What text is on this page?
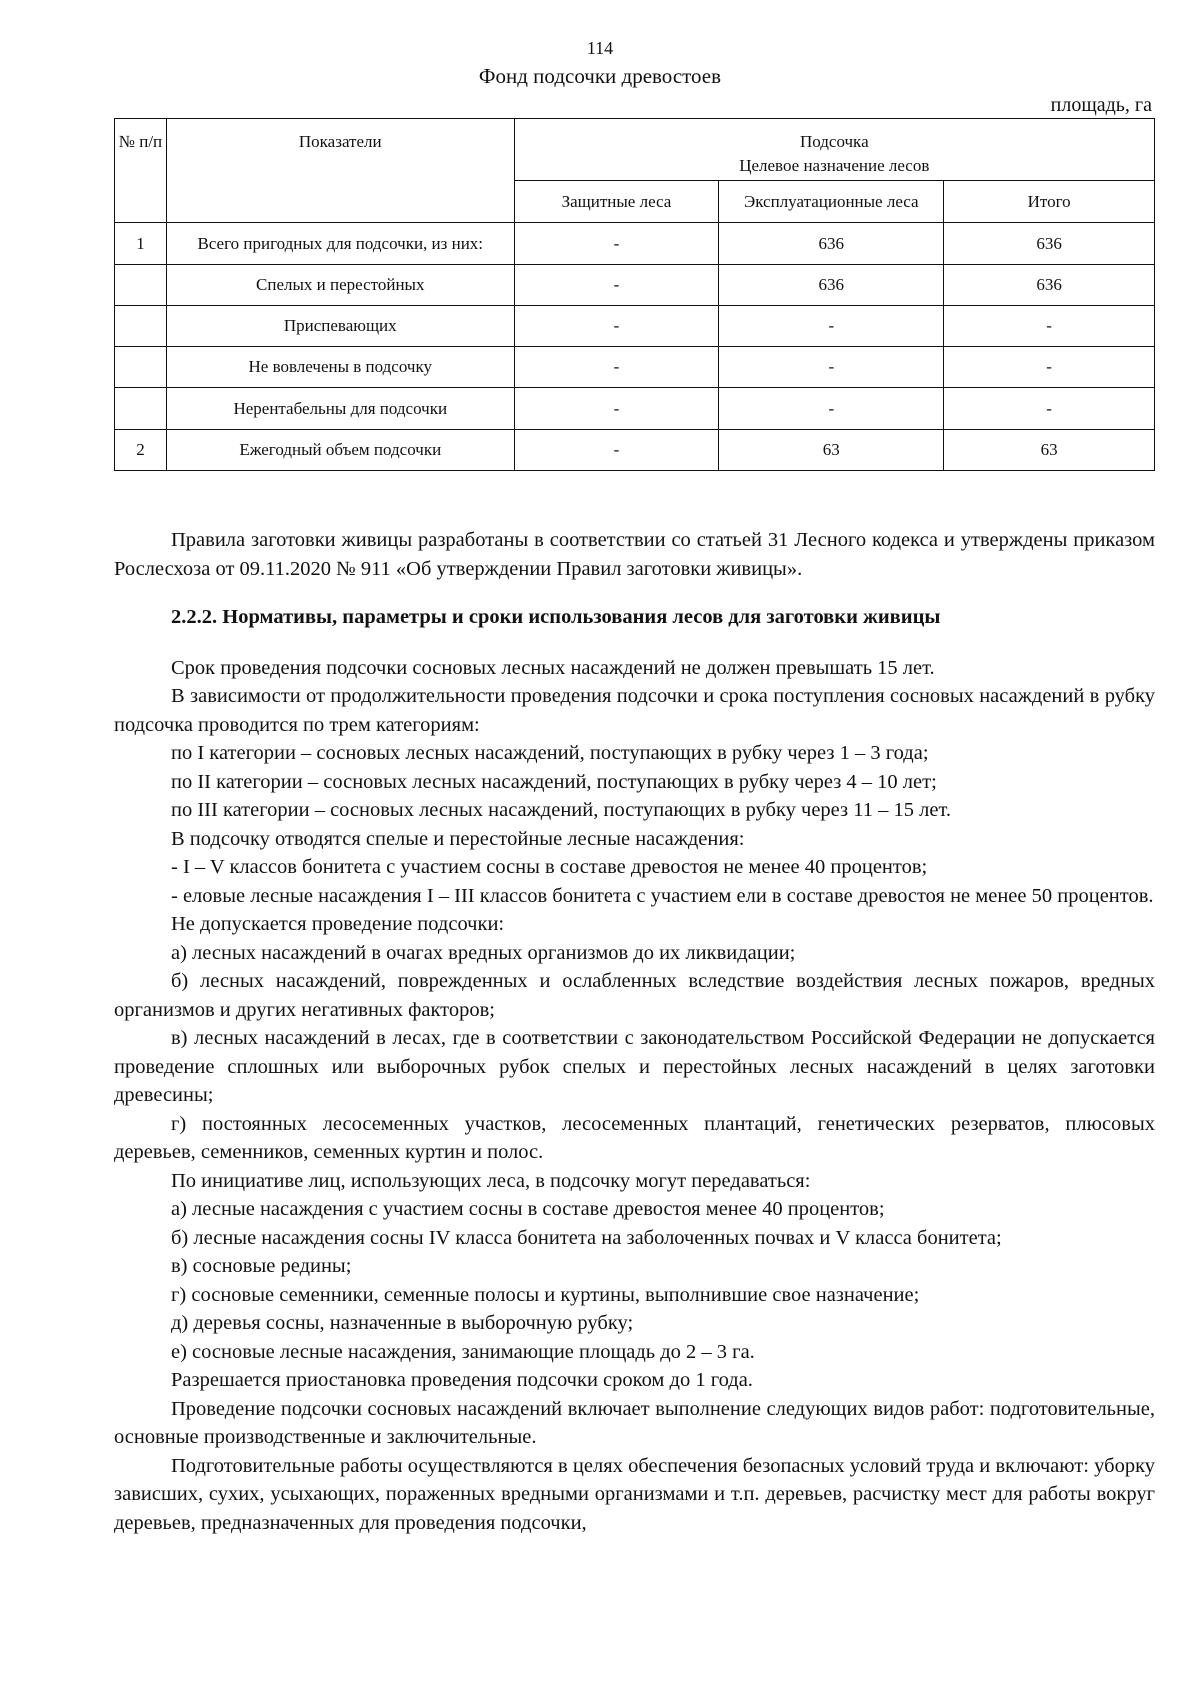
114
Фонд подсочки древостоев
площадь, га
№ п/п	Показатели	Подсочка
Целевое назначение лесов		

		Защитные леса	Эксплуатационные леса	Итого
1	Всего пригодных для подсочки, из них:	-	636	636
	Спелых и перестойных	-	636	636
	Приспевающих	-	-	-
	Не вовлечены в подсочку	-	-	-
	Нерентабельны для подсочки	-	-	-
2	Ежегодный объем подсочки	-	63	63

Правила заготовки живицы разработаны в соответствии со статьей 31 Лесного кодекса и утверждены приказом Рослесхоза от 09.11.2020 № 911 «Об утверждении Правил заготовки живицы».

2.2.2. Нормативы, параметры и сроки использования лесов для заготовки живицы

Срок проведения подсочки сосновых лесных насаждений не должен превышать 15 лет.

В зависимости от продолжительности проведения подсочки и срока поступления сосновых насаждений в рубку подсочка проводится по трем категориям:

по I категории – сосновых лесных насаждений, поступающих в рубку через 1 – 3 года;

по II категории – сосновых лесных насаждений, поступающих в рубку через 4 – 10 лет;

по III категории – сосновых лесных насаждений, поступающих в рубку через 11 – 15 лет.

В подсочку отводятся спелые и перестойные лесные насаждения:

- I – V классов бонитета с участием сосны в составе древостоя не менее 40 процентов;

- еловые лесные насаждения I – III классов бонитета с участием ели в составе древостоя не менее 50 процентов.

Не допускается проведение подсочки:

а) лесных насаждений в очагах вредных организмов до их ликвидации;

б) лесных насаждений, поврежденных и ослабленных вследствие воздействия лесных пожаров, вредных организмов и других негативных факторов;

в) лесных насаждений в лесах, где в соответствии с законодательством Российской Федерации не допускается проведение сплошных или выборочных рубок спелых и перестойных лесных насаждений в целях заготовки древесины;

г) постоянных лесосеменных участков, лесосеменных плантаций, генетических резерватов, плюсовых деревьев, семенников, семенных куртин и полос.

По инициативе лиц, использующих леса, в подсочку могут передаваться:

а) лесные насаждения с участием сосны в составе древостоя менее 40 процентов;

б) лесные насаждения сосны IV класса бонитета на заболоченных почвах и V класса бонитета;

в) сосновые редины;

г) сосновые семенники, семенные полосы и куртины, выполнившие свое назначение;

д) деревья сосны, назначенные в выборочную рубку;

е) сосновые лесные насаждения, занимающие площадь до 2 – 3 га.

Разрешается приостановка проведения подсочки сроком до 1 года.

Проведение подсочки сосновых насаждений включает выполнение следующих видов работ: подготовительные, основные производственные и заключительные.

Подготовительные работы осуществляются в целях обеспечения безопасных условий труда и включают: уборку зависших, сухих, усыхающих, пораженных вредными организмами и т.п. деревьев, расчистку мест для работы вокруг деревьев, предназначенных для проведения подсочки,
